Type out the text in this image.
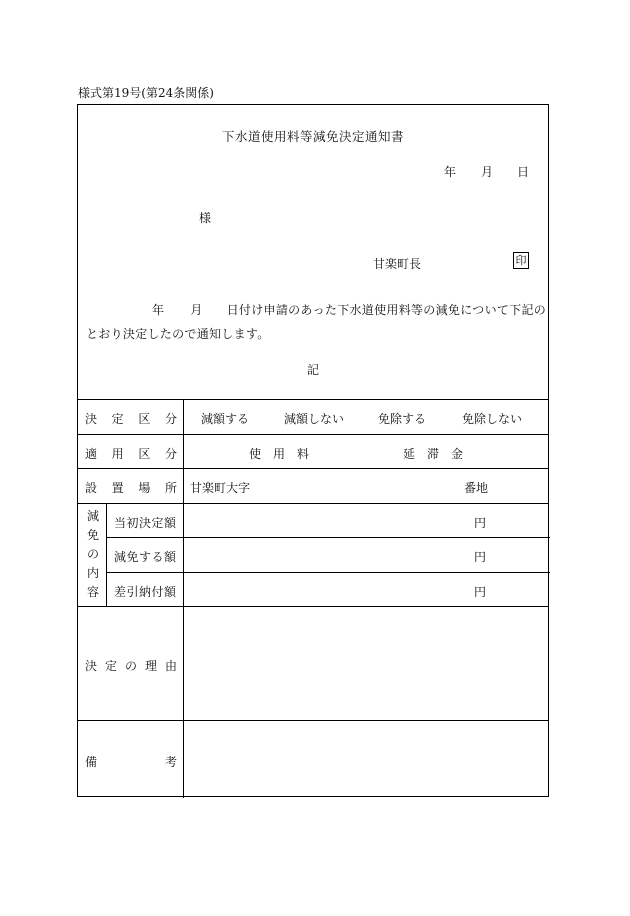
様式第19号(第24条関係)
下水道使用料等減免決定通知書
年 月 日
様
甘楽町長	印
年 月 日付け申請のあった下水道使用料等の減免について下記の
とおり決定したので通知します。
記
決 定 区 分 減額する	減額しない	免除する	免除しない
適 用 区 分	使　用　料	延　滞　金
設 置 場 所 甘楽町大字	番地
減免の内容
当初決定額	円
減免する額	円
差引納付額	円
決 定 の 理 由
備	考
